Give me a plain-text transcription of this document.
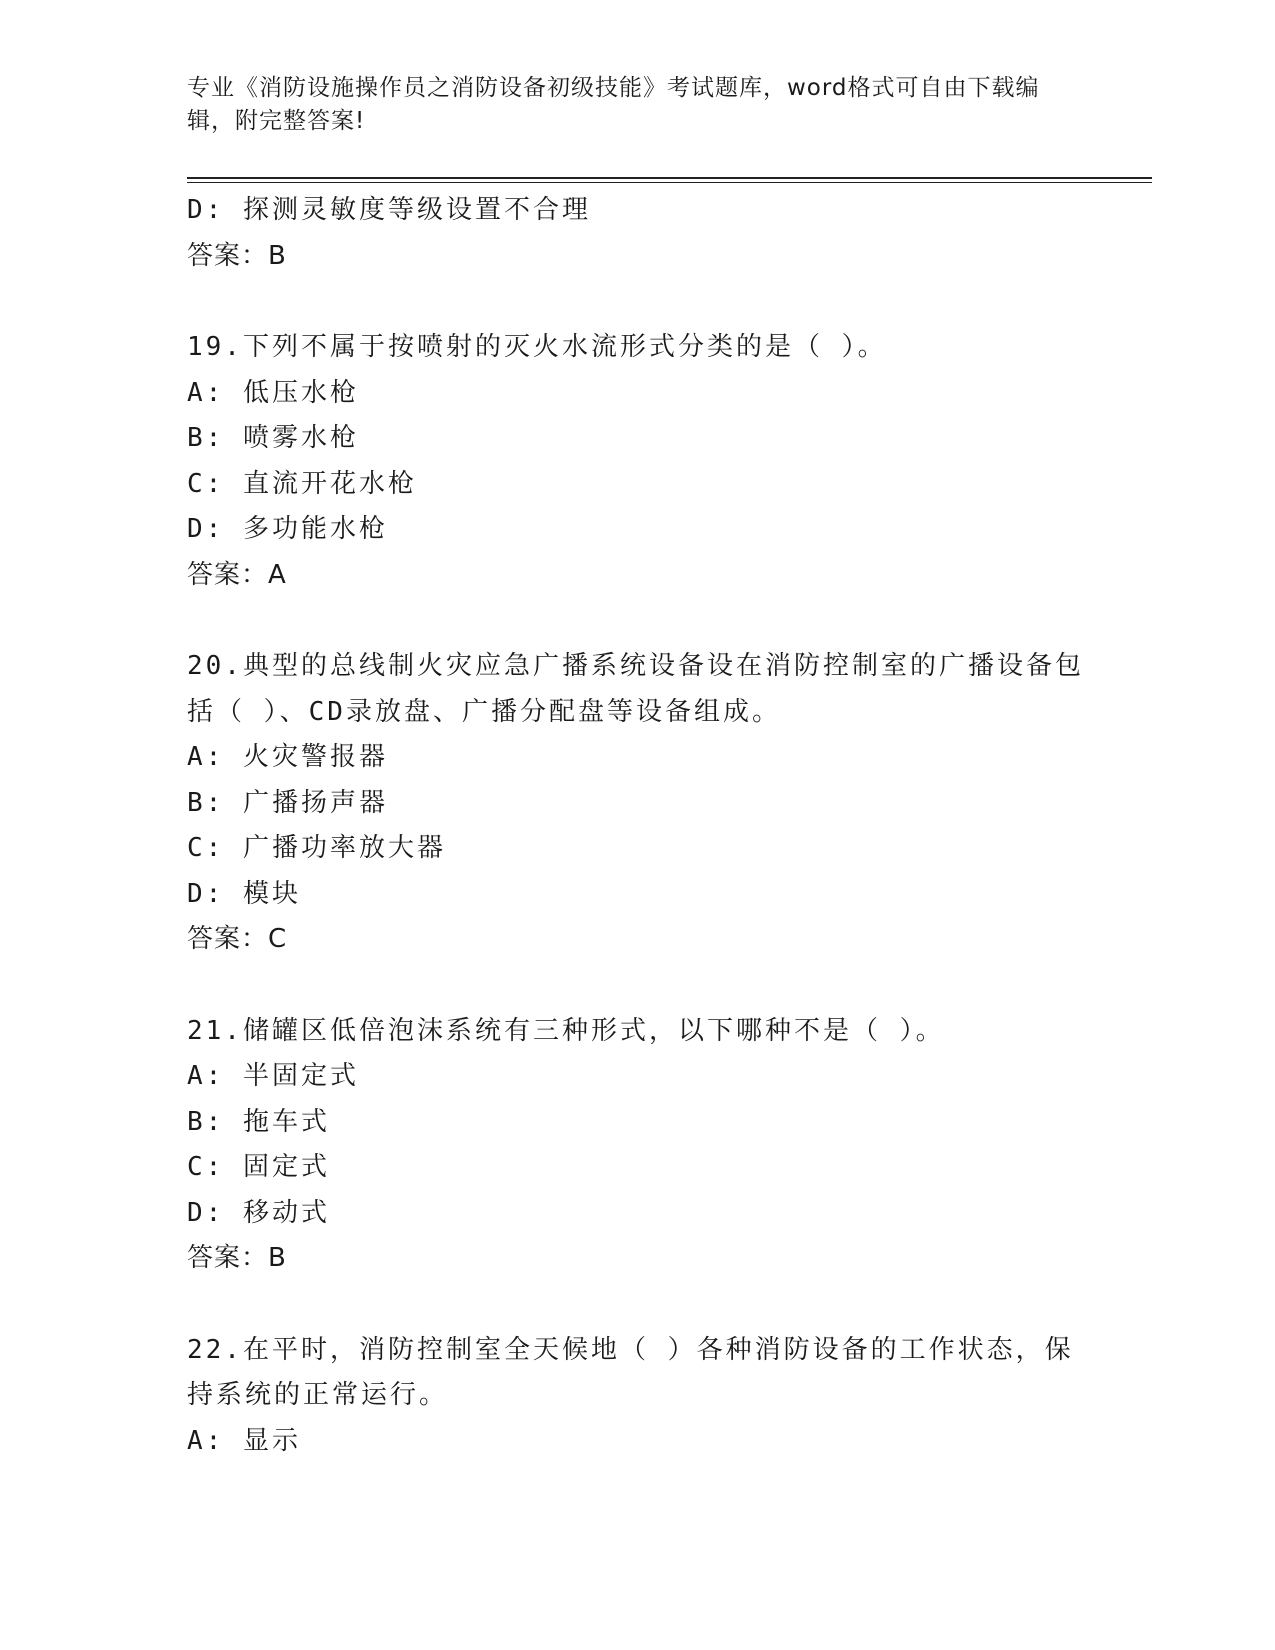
专业《消防设施操作员之消防设备初级技能》考试题库，word格式可自由下载编
辑，附完整答案!
D: 探测灵敏度等级设置不合理
答案：B
19.下列不属于按喷射的灭火水流形式分类的是（ ）。
A: 低压水枪
B: 喷雾水枪
C: 直流开花水枪
D: 多功能水枪
答案：A
20.典型的总线制火灾应急广播系统设备设在消防控制室的广播设备包
括（ ）、CD录放盘、广播分配盘等设备组成。
A: 火灾警报器
B: 广播扬声器
C: 广播功率放大器
D: 模块
答案：C
21.储罐区低倍泡沫系统有三种形式，以下哪种不是（ ）。
A: 半固定式
B: 拖车式
C: 固定式
D: 移动式
答案：B
22.在平时，消防控制室全天候地（ ）各种消防设备的工作状态，保
持系统的正常运行。
A: 显示
